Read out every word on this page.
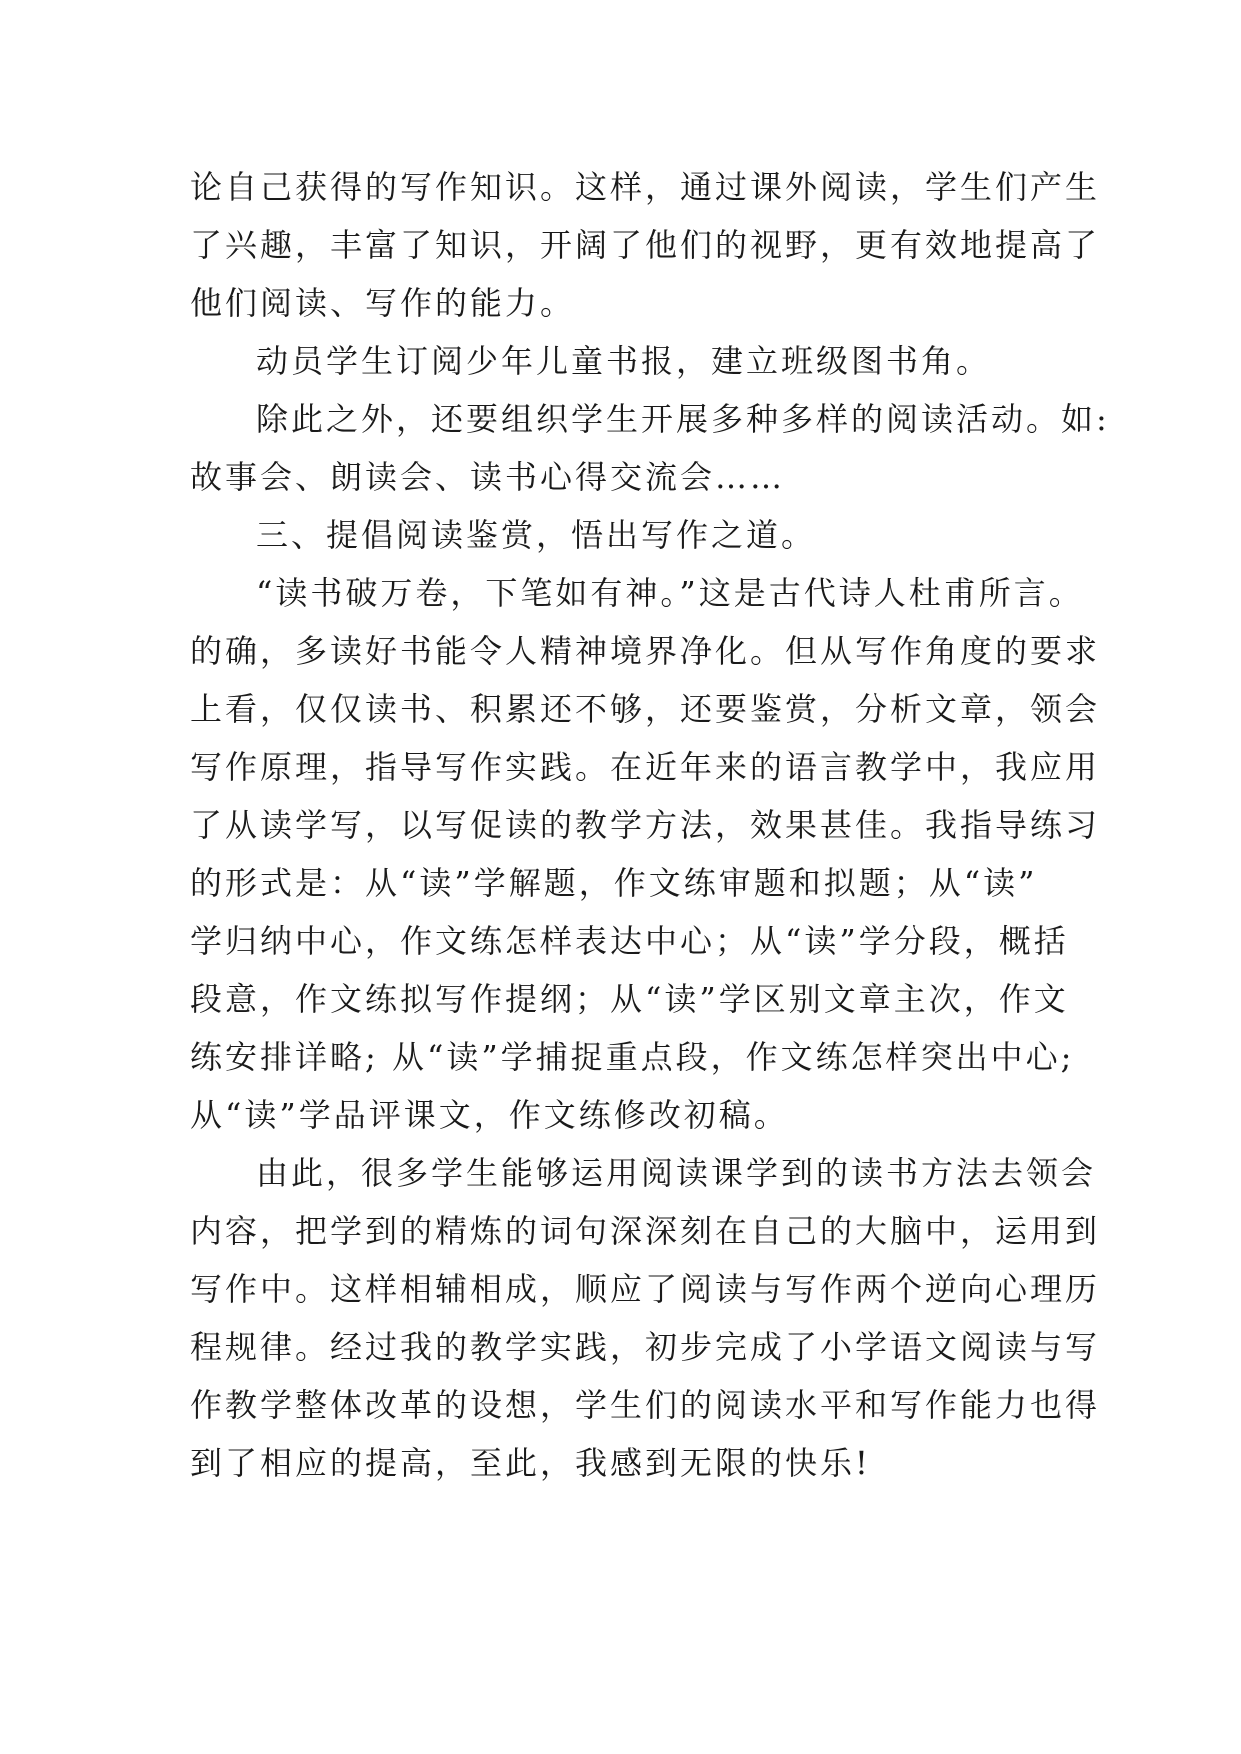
论自己获得的写作知识。这样，通过课外阅读，学生们产生
了兴趣，丰富了知识，开阔了他们的视野，更有效地提高了
他们阅读、写作的能力。
动员学生订阅少年儿童书报，建立班级图书角。
除此之外，还要组织学生开展多种多样的阅读活动。如:
故事会、朗读会、读书心得交流会……
三、提倡阅读鉴赏，悟出写作之道。
“读书破万卷，下笔如有神。”这是古代诗人杜甫所言。
的确，多读好书能令人精神境界净化。但从写作角度的要求
上看，仅仅读书、积累还不够，还要鉴赏，分析文章，领会
写作原理，指导写作实践。在近年来的语言教学中，我应用
了从读学写，以写促读的教学方法，效果甚佳。我指导练习
的形式是：从“读”学解题，作文练审题和拟题；从“读”
学归纳中心，作文练怎样表达中心；从“读”学分段，概括
段意，作文练拟写作提纲；从“读”学区别文章主次，作文
练安排详略; 从“读”学捕捉重点段，作文练怎样突出中心;
从“读”学品评课文，作文练修改初稿。
由此，很多学生能够运用阅读课学到的读书方法去领会
内容，把学到的精炼的词句深深刻在自己的大脑中，运用到
写作中。这样相辅相成，顺应了阅读与写作两个逆向心理历
程规律。经过我的教学实践，初步完成了小学语文阅读与写
作教学整体改革的设想，学生们的阅读水平和写作能力也得
到了相应的提高，至此，我感到无限的快乐!
